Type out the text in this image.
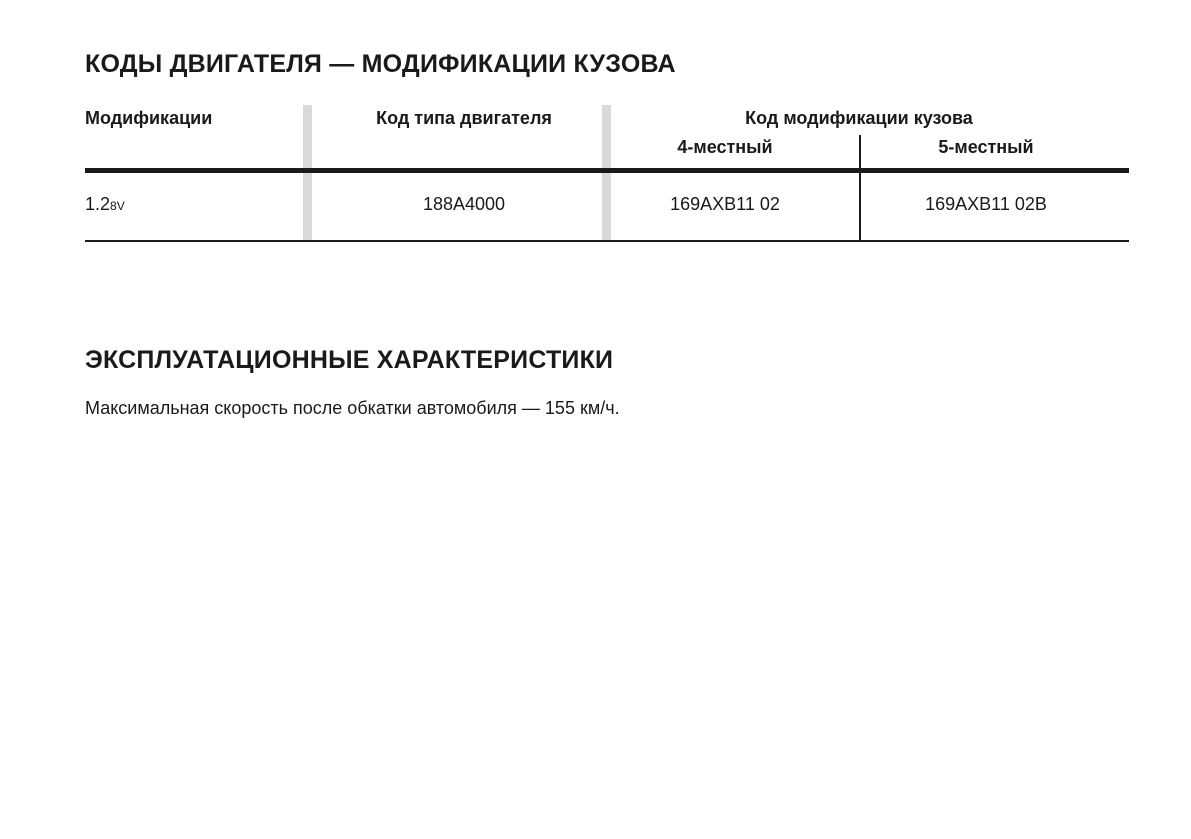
КОДЫ ДВИГАТЕЛЯ — МОДИФИКАЦИИ КУЗОВА
Модификации	Код типа двигателя	Код модификации кузова
4-местный	5-местный
1.28V	188A4000	169AXB11 02	169AXB11 02B
ЭКСПЛУАТАЦИОННЫЕ ХАРАКТЕРИСТИКИ

Максимальная скорость после обкатки автомобиля — 155 км/ч.
